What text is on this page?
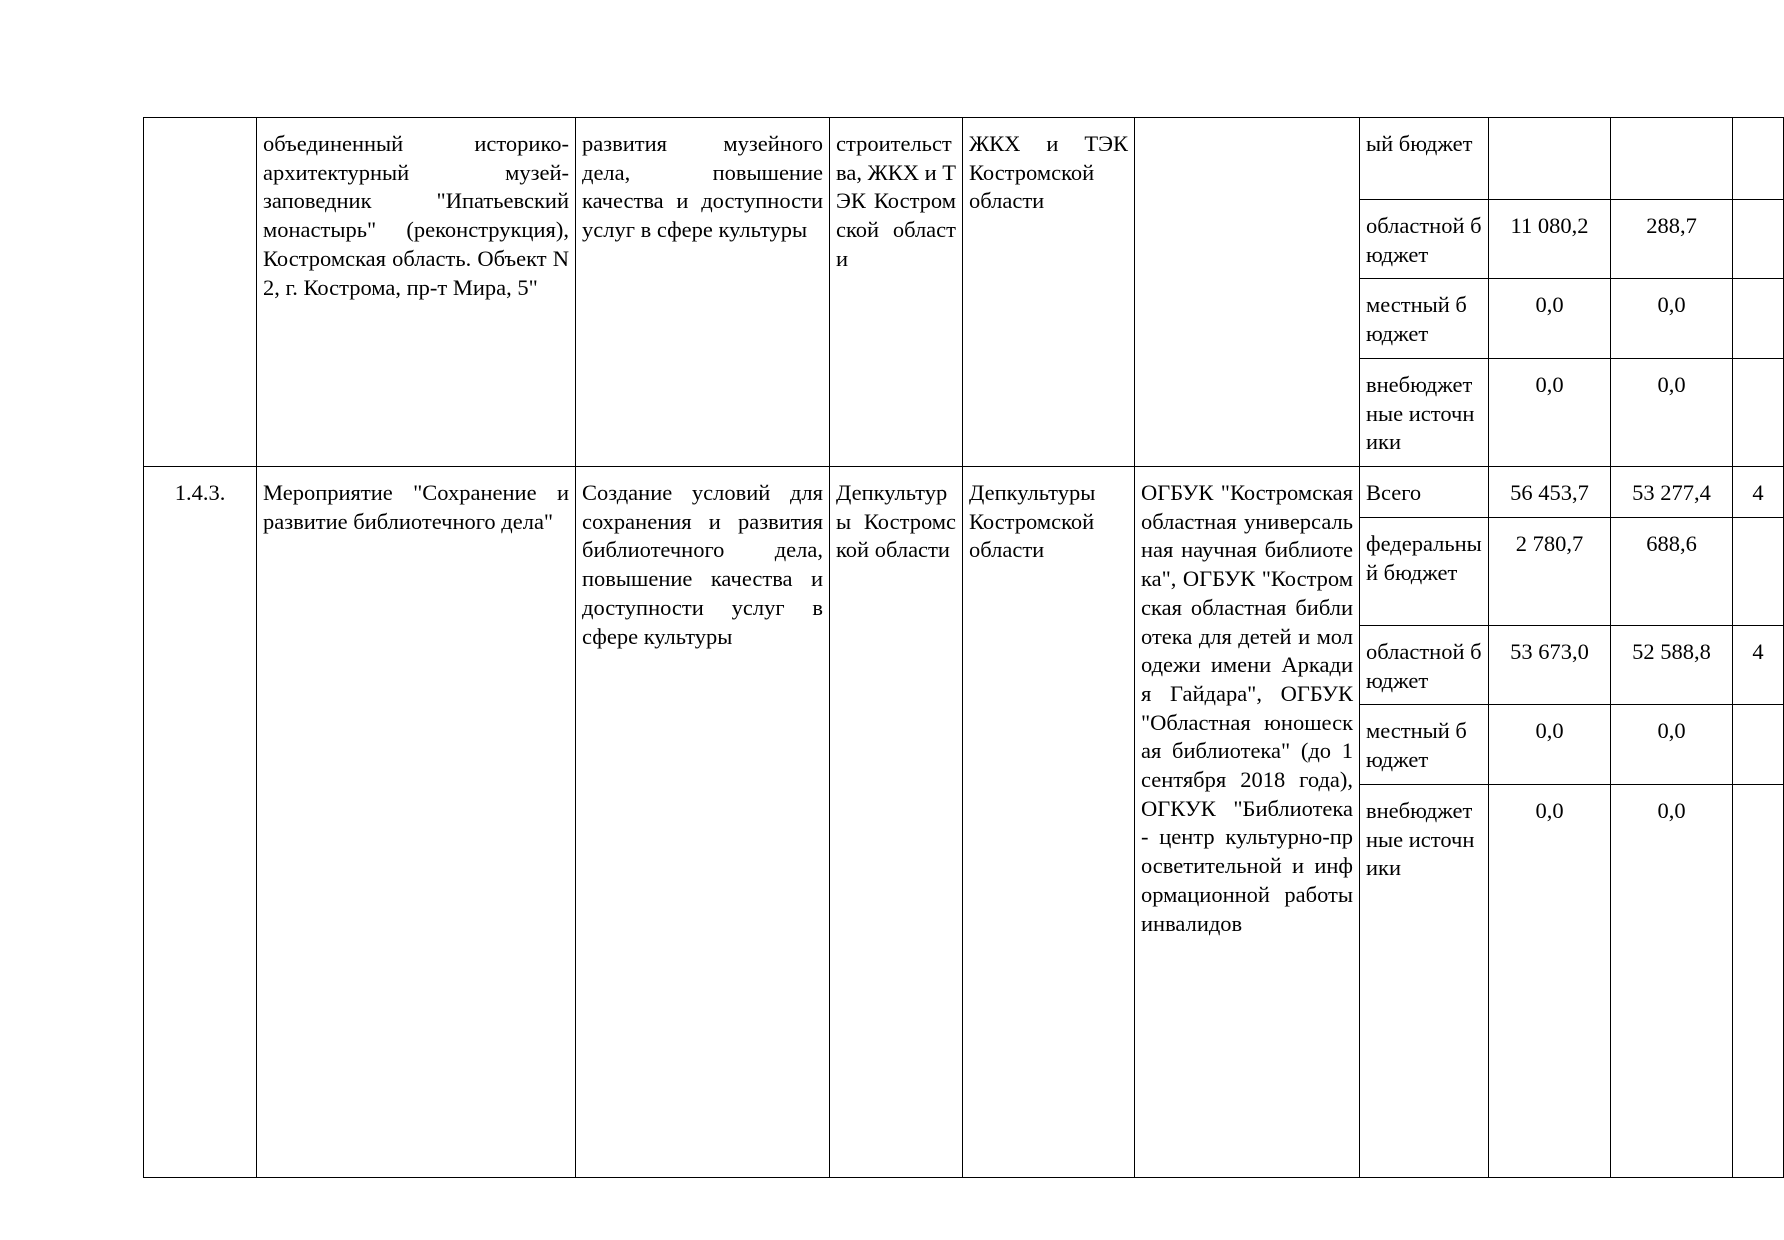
	объединенный историко-архитектурный музей-заповедник "Ипатьевский монастырь" (реконструкция), Костромская область. Объект N 2, г. Кострома, пр-т Мира, 5"	развития музейного дела, повышение качества и доступности услуг в сфере культуры	строительства, ЖКХ и ТЭК Костромской области	ЖКХ и ТЭК Костромской области		ый бюджет			
						областной бюджет	11 080,2	288,7	
						местный бюджет	0,0	0,0	
						внебюджетные источники	0,0	0,0	
1.4.3.	Мероприятие "Сохранение и развитие библиотечного дела"	Создание условий для сохранения и развития библиотечного дела, повышение качества и доступности услуг в сфере культуры	Депкультуры Костромской области	Депкультуры Костромской области	ОГБУК "Костромская областная универсальная научная библиотека", ОГБУК "Костромская областная библиотека для детей и молодежи имени Аркадия Гайдара", ОГБУК "Областная юношеская библиотека" (до 1 сентября 2018 года), ОГКУК "Библиотека - центр культурно-просветительной и информационной работы инвалидов	Всего	56 453,7	53 277,4	4
						федеральный бюджет	2 780,7	688,6	
						областной бюджет	53 673,0	52 588,8	4
						местный бюджет	0,0	0,0	
						внебюджетные источники	0,0	0,0	
